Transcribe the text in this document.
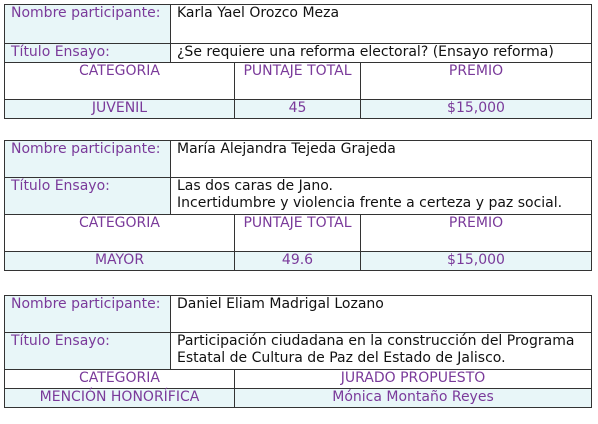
Nombre participante:	Karla Yael Orozco Meza		
Título Ensayo:	¿Se requiere una reforma electoral? (Ensayo reforma)		

CATEGORIA		PUNTAJE TOTAL	PREMIO
JUVENIL		45	$15,000
Nombre participante:	María Alejandra Tejeda Grajeda		
Título Ensayo:	Las dos caras de Jano.
Incertidumbre y violencia frente a certeza y paz social.		

CATEGORIA		PUNTAJE TOTAL	PREMIO
MAYOR		49.6	$15,000
Nombre participante:	Daniel Eliam Madrigal Lozano	
Título Ensayo:	Participación ciudadana en la construcción del Programa
Estatal de Cultura de Paz del Estado de Jalisco.	

CATEGORIA		JURADO PROPUESTO
MENCIÓN HONORÍFICA		Mónica Montaño Reyes
